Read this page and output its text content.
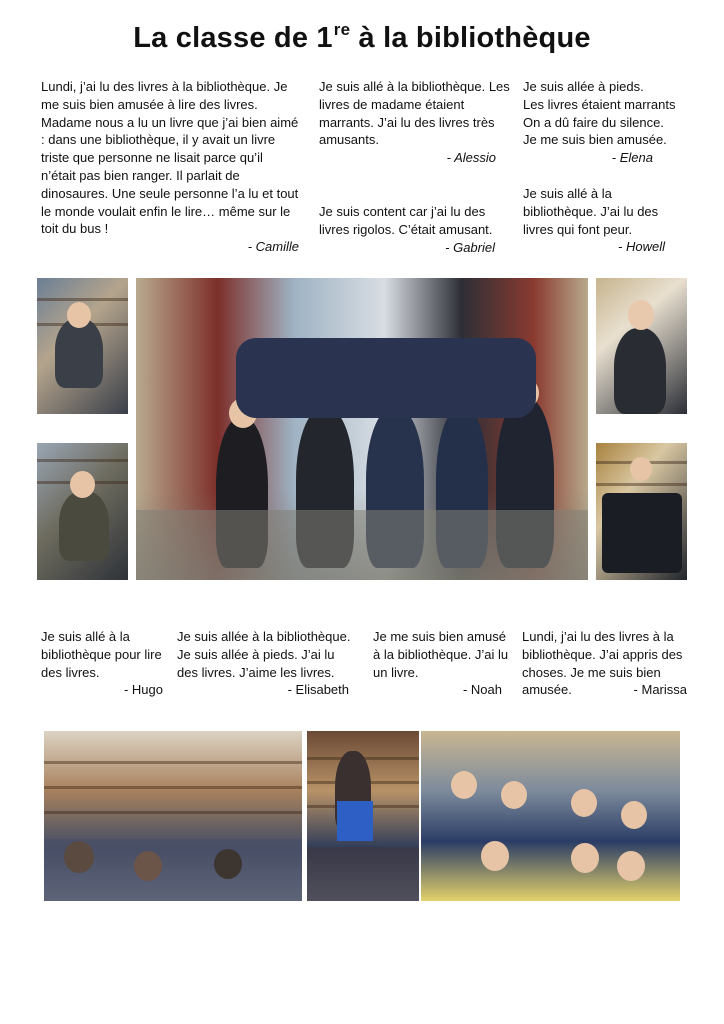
La classe de 1re à la bibliothèque
Lundi, j’ai lu des livres à la bibliothèque. Je me suis bien amusée à lire des livres. Madame nous a lu un livre que j’ai bien aimé : dans une bibliothèque, il y avait un livre triste que personne ne lisait parce qu’il n’était pas bien ranger. Il parlait de dinosaures. Une seule personne l’a lu et tout le monde voulait enfin le lire… même sur le toit du bus !
- Camille
Je suis allé à la bibliothèque. Les livres de madame étaient marrants. J’ai lu des livres très amusants.
- Alessio
Je suis content car j’ai lu des livres rigolos. C’était amusant.
- Gabriel
Je suis allée à pieds.
Les livres étaient marrants
On a dû faire du silence.
Je me suis bien amusée.
- Elena
Je suis allé à la bibliothèque. J’ai lu des livres qui font peur.
- Howell
Je suis allé à la bibliothèque pour lire des livres.
- Hugo
Je suis allée à la bibliothèque. Je suis allée à pieds. J’ai lu des livres. J’aime les livres.
- Elisabeth
Je me suis bien amusé à la bibliothèque. J’ai lu un livre.
- Noah
Lundi, j’ai lu des livres à la bibliothèque. J’ai appris des choses. Je me suis bien amusée.	- Marissa
